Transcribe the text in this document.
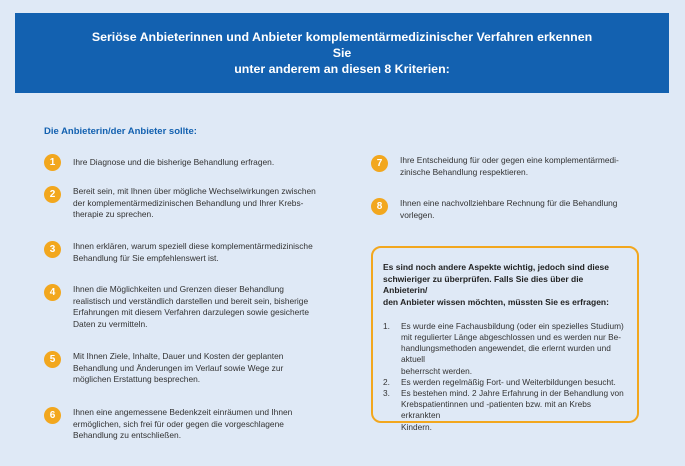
Seriöse Anbieterinnen und Anbieter komplementärmedizinischer Verfahren erkennen Sie
unter anderem an diesen 8 Kriterien:
Die Anbieterin/der Anbieter sollte:
1	Ihre Diagnose und die bisherige Behandlung erfragen.
2	Bereit sein, mit Ihnen über mögliche Wechselwirkungen zwischen
der komplementärmedizinischen Behandlung und Ihrer Krebs-
therapie zu sprechen.
3	Ihnen erklären, warum speziell diese komplementärmedizinische
Behandlung für Sie empfehlenswert ist.
4	Ihnen die Möglichkeiten und Grenzen dieser Behandlung
realistisch und verständlich darstellen und bereit sein, bisherige
Erfahrungen mit diesem Verfahren darzulegen sowie gesicherte
Daten zu vermitteln.
5	Mit Ihnen Ziele, Inhalte, Dauer und Kosten der geplanten
Behandlung und Änderungen im Verlauf sowie Wege zur
möglichen Erstattung besprechen.
6	Ihnen eine angemessene Bedenkzeit einräumen und Ihnen
ermöglichen, sich frei für oder gegen die vorgeschlagene
Behandlung zu entschließen.
7	Ihre Entscheidung für oder gegen eine komplementärmedi-
zinische Behandlung respektieren.
8	Ihnen eine nachvollziehbare Rechnung für die Behandlung
vorlegen.
Es sind noch andere Aspekte wichtig, jedoch sind diese
schwieriger zu überprüfen. Falls Sie dies über die Anbieterin/
den Anbieter wissen möchten, müssten Sie es erfragen:
1.	Es wurde eine Fachausbildung (oder ein spezielles Studium)
mit regulierter Länge abgeschlossen und es werden nur Be-
handlungsmethoden angewendet, die erlernt wurden und aktuell
beherrscht werden.
2.	Es werden regelmäßig Fort- und Weiterbildungen besucht.
3.	Es bestehen mind. 2 Jahre Erfahrung in der Behandlung von
Krebspatientinnen und -patienten bzw. mit an Krebs erkrankten
Kindern.
